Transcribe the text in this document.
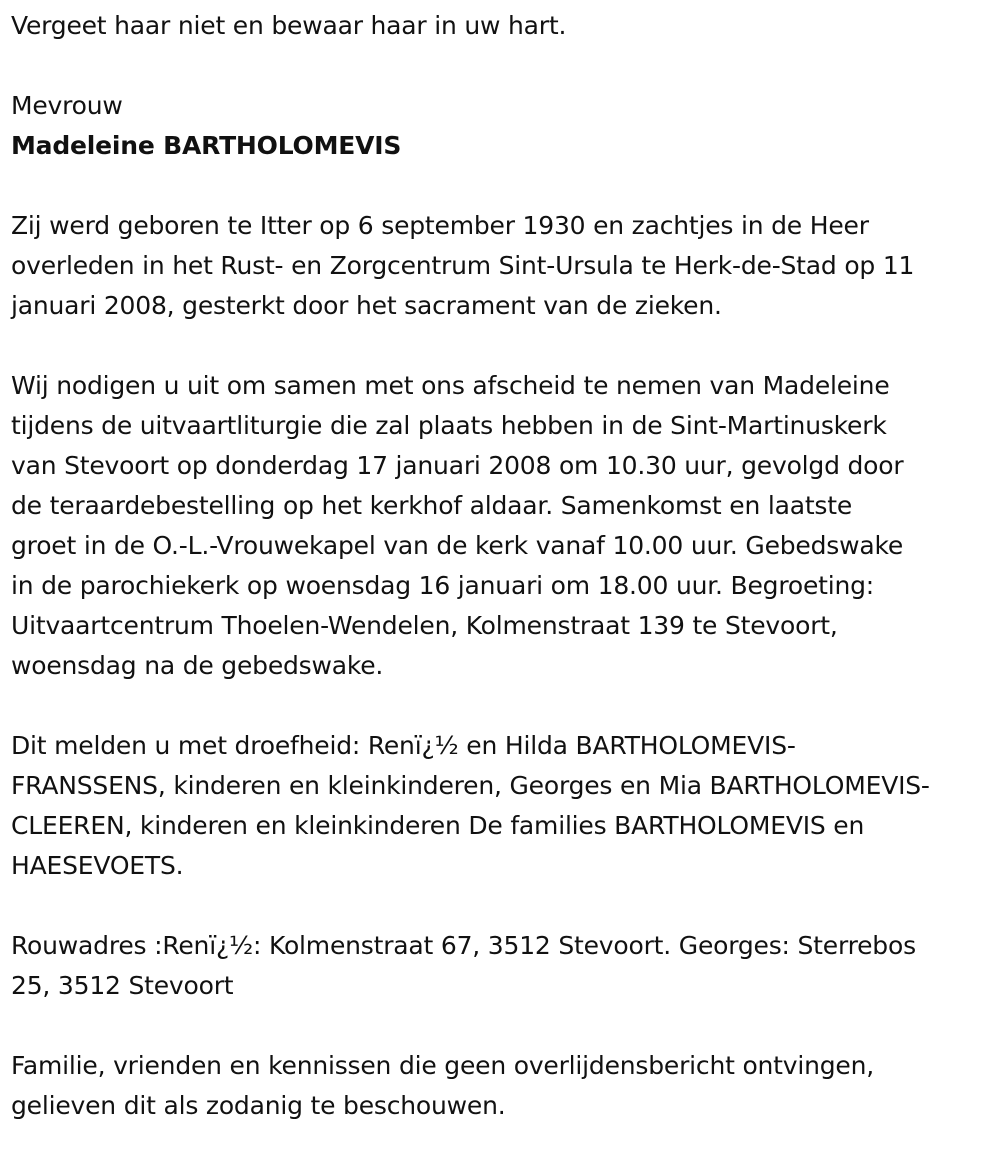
Vergeet haar niet en bewaar haar in uw hart.

Mevrouw

Madeleine BARTHOLOMEVIS

Zij werd geboren te Itter op 6 september 1930 en zachtjes in de Heer

overleden in het Rust- en Zorgcentrum Sint-Ursula te Herk-de-Stad op 11

januari 2008, gesterkt door het sacrament van de zieken.

Wij nodigen u uit om samen met ons afscheid te nemen van Madeleine

tijdens de uitvaartliturgie die zal plaats hebben in de Sint-Martinuskerk

van Stevoort op donderdag 17 januari 2008 om 10.30 uur, gevolgd door

de teraardebestelling op het kerkhof aldaar. Samenkomst en laatste

groet in de O.-L.-Vrouwekapel van de kerk vanaf 10.00 uur. Gebedswake

in de parochiekerk op woensdag 16 januari om 18.00 uur. Begroeting:

Uitvaartcentrum Thoelen-Wendelen, Kolmenstraat 139 te Stevoort,

woensdag na de gebedswake.

Dit melden u met droefheid: Renï¿½ en Hilda BARTHOLOMEVIS-

FRANSSENS, kinderen en kleinkinderen, Georges en Mia BARTHOLOMEVIS-

CLEEREN, kinderen en kleinkinderen De families BARTHOLOMEVIS en

HAESEVOETS.

Rouwadres :Renï¿½: Kolmenstraat 67, 3512 Stevoort. Georges: Sterrebos

25, 3512 Stevoort

Familie, vrienden en kennissen die geen overlijdensbericht ontvingen,

gelieven dit als zodanig te beschouwen.
